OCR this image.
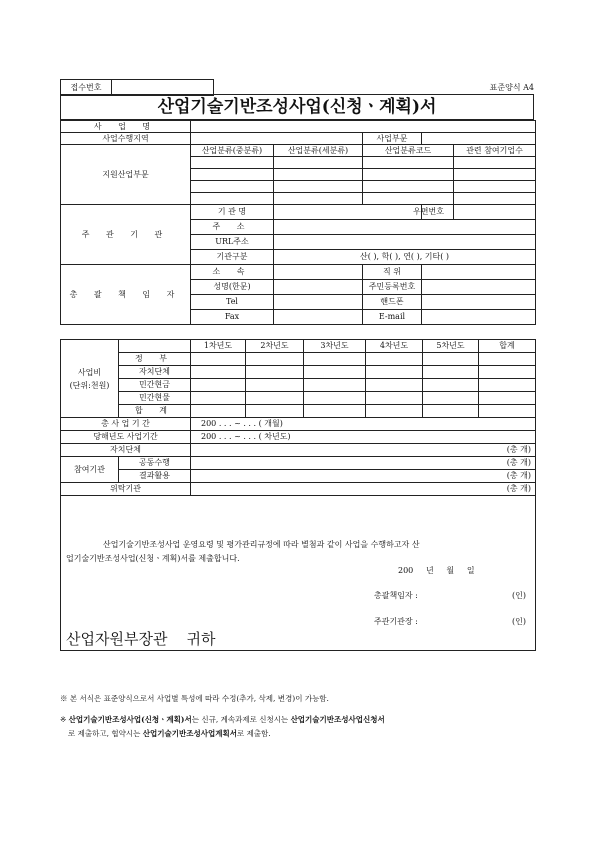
접수번호	표준양식 A4
산업기술기반조성사업(신청ㆍ계획)서
사 업 명					
사업수행지역			사업부문		
지원산업부문	산업분류(중분류)	산업분류(세분류)	산업분류코드		관련 참여기업수

주 관 기 관	기 관 명			우편번호	
	주 소				
	URL주소				
	기관구분	산( ), 학( ), 연( ), 기타( )			
총 괄 책 임 자	소 속		직 위		
	성명(한문)		주민등록번호		
	Tel		핸드폰		
	Fax		E-mail		
사업비
(단위:천원)		1차년도	2차년도	3차년도	4차년도	5차년도	합계
	정 부						
	자치단체						
	민간현금						
	민간현물						
	합 계						
총 사 업 기 간		200 . . . ~ . . . ( 개월)
당해년도 사업기간		200 . . . ~ . . . ( 차년도)
자치단체		(총 개)
참여기관	공동수행	(총 개)
	결과활용	(총 개)
위탁기관		(총 개)

산업기술기반조성사업 운영요령 및 평가관리규정에 따라 별첨과 같이 사업을 수행하고자 산
업기술기반조성사업(신청ㆍ계획)서를 제출합니다.
200     년     월     일
총괄책임자 :	(인)
주관기관장 :	(인)
산업자원부장관    귀하
※ 본 서식은 표준양식으로서 사업별 특성에 따라 수정(추가, 삭제, 변경)이 가능함.
※ 산업기술기반조성사업(신청ㆍ계획)서는 신규, 계속과제로 신청시는 산업기술기반조성사업신청서
로 제출하고, 협약시는 산업기술기반조성사업계획서로 제출함.
